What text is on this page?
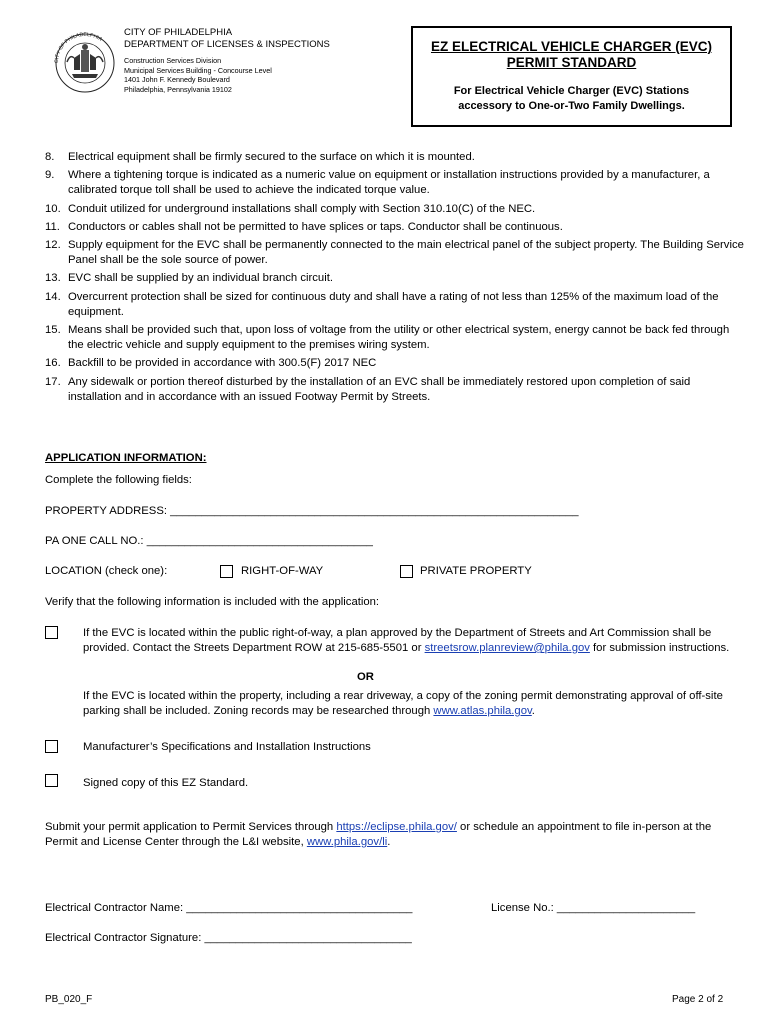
CITY OF PHILADELPHIA
CITY OF PHILADELPHIA
DEPARTMENT OF LICENSES & INSPECTIONS
Construction Services Division
Municipal Services Building - Concourse Level
1401 John F. Kennedy Boulevard
Philadelphia, Pennsylvania 19102
EZ ELECTRICAL VEHICLE CHARGER (EVC)
PERMIT STANDARD
For Electrical Vehicle Charger (EVC) Stations
accessory to One-or-Two Family Dwellings.
8. Electrical equipment shall be firmly secured to the surface on which it is mounted.
9. Where a tightening torque is indicated as a numeric value on equipment or installation instructions provided by a manufacturer, a calibrated torque toll shall be used to achieve the indicated torque value.
10. Conduit utilized for underground installations shall comply with Section 310.10(C) of the NEC.
11. Conductors or cables shall not be permitted to have splices or taps. Conductor shall be continuous.
12. Supply equipment for the EVC shall be permanently connected to the main electrical panel of the subject property. The Building Service Panel shall be the sole source of power.
13. EVC shall be supplied by an individual branch circuit.
14. Overcurrent protection shall be sized for continuous duty and shall have a rating of not less than 125% of the maximum load of the equipment.
15. Means shall be provided such that, upon loss of voltage from the utility or other electrical system, energy cannot be back fed through the electric vehicle and supply equipment to the premises wiring system.
16. Backfill to be provided in accordance with 300.5(F) 2017 NEC
17. Any sidewalk or portion thereof disturbed by the installation of an EVC shall be immediately restored upon completion of said installation and in accordance with an issued Footway Permit by Streets.
APPLICATION INFORMATION:
Complete the following fields:
PROPERTY ADDRESS: _________________________________________________________________
PA ONE CALL NO.: ____________________________________
LOCATION (check one):	RIGHT-OF-WAY	PRIVATE PROPERTY
Verify that the following information is included with the application:
If the EVC is located within the public right-of-way, a plan approved by the Department of Streets and Art Commission shall be provided. Contact the Streets Department ROW at 215-685-5501 or streetsrow.planreview@phila.gov for submission instructions.
OR
If the EVC is located within the property, including a rear driveway, a copy of the zoning permit demonstrating approval of off-site parking shall be included. Zoning records may be researched through www.atlas.phila.gov.
Manufacturer’s Specifications and Installation Instructions
Signed copy of this EZ Standard.
Submit your permit application to Permit Services through https://eclipse.phila.gov/ or schedule an appointment to file in-person at the Permit and License Center through the L&I website, www.phila.gov/li.
Electrical Contractor Name: ____________________________________	License No.: ______________________
Electrical Contractor Signature: _________________________________
PB_020_F	Page 2 of 2
